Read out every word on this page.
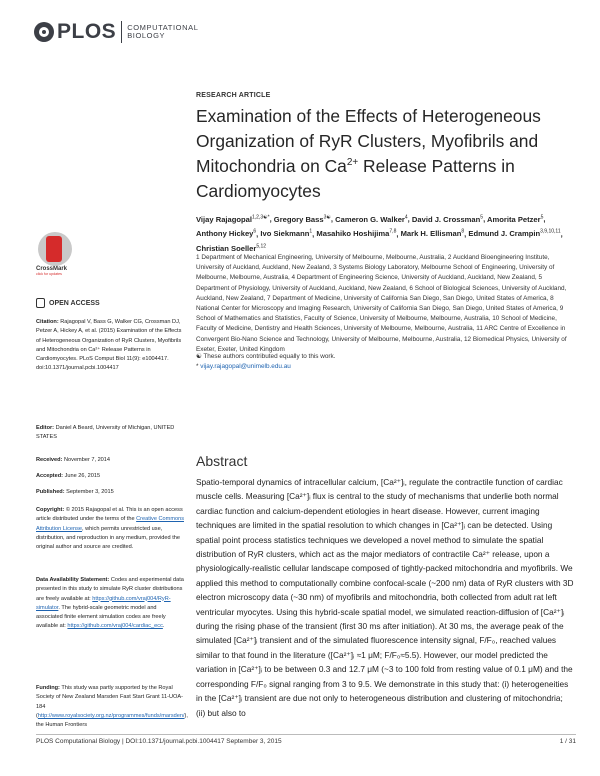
PLOS COMPUTATIONAL
BIOLOGY
RESEARCH ARTICLE
Examination of the Effects of Heterogeneous Organization of RyR Clusters, Myofibrils and Mitochondria on $Ca^{2+}$ Release Patterns in Cardiomyocytes
Vijay Rajagopal$^{1,2,3☯*}$, Gregory Bass$^{3☯}$, Cameron G. Walker$^4$, David J. Crossman$^5$, Amorita Petzer$^5$, Anthony Hickey$^6$, Ivo Siekmann$^1$, Masahiko Hoshijima$^{7,8}$, Mark H. Ellisman$^8$, Edmund J. Crampin$^{3,9,10,11}$, Christian Soeller$^{5,12}$
1 Department of Mechanical Engineering, University of Melbourne, Melbourne, Australia, 2 Auckland Bioengineering Institute, University of Auckland, Auckland, New Zealand, 3 Systems Biology Laboratory, Melbourne School of Engineering, University of Melbourne, Melbourne, Australia, 4 Department of Engineering Science, University of Auckland, Auckland, New Zealand, 5 Department of Physiology, University of Auckland, Auckland, New Zealand, 6 School of Biological Sciences, University of Auckland, Auckland, New Zealand, 7 Department of Medicine, University of California San Diego, San Diego, United States of America, 8 National Center for Microscopy and Imaging Research, University of California San Diego, San Diego, United States of America, 9 School of Mathematics and Statistics, Faculty of Science, University of Melbourne, Melbourne, Australia, 10 School of Medicine, Faculty of Medicine, Dentistry and Health Sciences, University of Melbourne, Melbourne, Australia, 11 ARC Centre of Excellence in Convergent Bio-Nano Science and Technology, University of Melbourne, Melbourne, Australia, 12 Biomedical Physics, University of Exeter, Exeter, United Kingdom
☯ These authors contributed equally to this work.
* vijay.rajagopal@unimelb.edu.au
Abstract
Spatio-temporal dynamics of intracellular calcium, [Ca²⁺]ᵢ, regulate the contractile function of cardiac muscle cells. Measuring [Ca²⁺]ᵢ flux is central to the study of mechanisms that underlie both normal cardiac function and calcium-dependent etiologies in heart disease. However, current imaging techniques are limited in the spatial resolution to which changes in [Ca²⁺]ᵢ can be detected. Using spatial point process statistics techniques we developed a novel method to simulate the spatial distribution of RyR clusters, which act as the major mediators of contractile Ca²⁺ release, upon a physiologically-realistic cellular landscape composed of tightly-packed mitochondria and myofibrils. We applied this method to computationally combine confocal-scale (~200 nm) data of RyR clusters with 3D electron microscopy data (~30 nm) of myofibrils and mitochondria, both collected from adult rat left ventricular myocytes. Using this hybrid-scale spatial model, we simulated reaction-diffusion of [Ca²⁺]ᵢ during the rising phase of the transient (first 30 ms after initiation). At 30 ms, the average peak of the simulated [Ca²⁺]ᵢ transient and of the simulated fluorescence intensity signal, F/F₀, reached values similar to that found in the literature ([Ca²⁺]ᵢ ≈1 μM; F/F₀≈5.5). However, our model predicted the variation in [Ca²⁺]ᵢ to be between 0.3 and 12.7 μM (~3 to 100 fold from resting value of 0.1 μM) and the corresponding F/F₀ signal ranging from 3 to 9.5. We demonstrate in this study that: (i) heterogeneities in the [Ca²⁺]ᵢ transient are due not only to heterogeneous distribution and clustering of mitochondria; (ii) but also to
CrossMark
click for updates
OPEN ACCESS
Citation: Rajagopal V, Bass G, Walker CG, Crossman DJ, Petzer A, Hickey A, et al. (2015) Examination of the Effects of Heterogeneous Organization of RyR Clusters, Myofibrils and Mitochondria on Ca²⁺ Release Patterns in Cardiomyocytes. PLoS Comput Biol 11(9): e1004417. doi:10.1371/journal.pcbi.1004417
Editor: Daniel A Beard, University of Michigan, UNITED STATES
Received: November 7, 2014
Accepted: June 26, 2015
Published: September 3, 2015
Copyright: © 2015 Rajagopal et al. This is an open access article distributed under the terms of the Creative Commons Attribution License, which permits unrestricted use, distribution, and reproduction in any medium, provided the original author and source are credited.
Data Availability Statement: Codes and experimental data presented in this study to simulate RyR cluster distributions are freely available at: https://github.com/vraj004/RyR-simulator. The hybrid-scale geometric model and associated finite element simulation codes are freely available at: https://github.com/vraj004/cardiac_ecc.
Funding: This study was partly supported by the Royal Society of New Zealand Marsden Fast Start Grant 11-UOA-184 (http://www.royalsociety.org.nz/programmes/funds/marsden/), the Human Frontiers
PLOS Computational Biology | DOI:10.1371/journal.pcbi.1004417 September 3, 2015	1 / 31
